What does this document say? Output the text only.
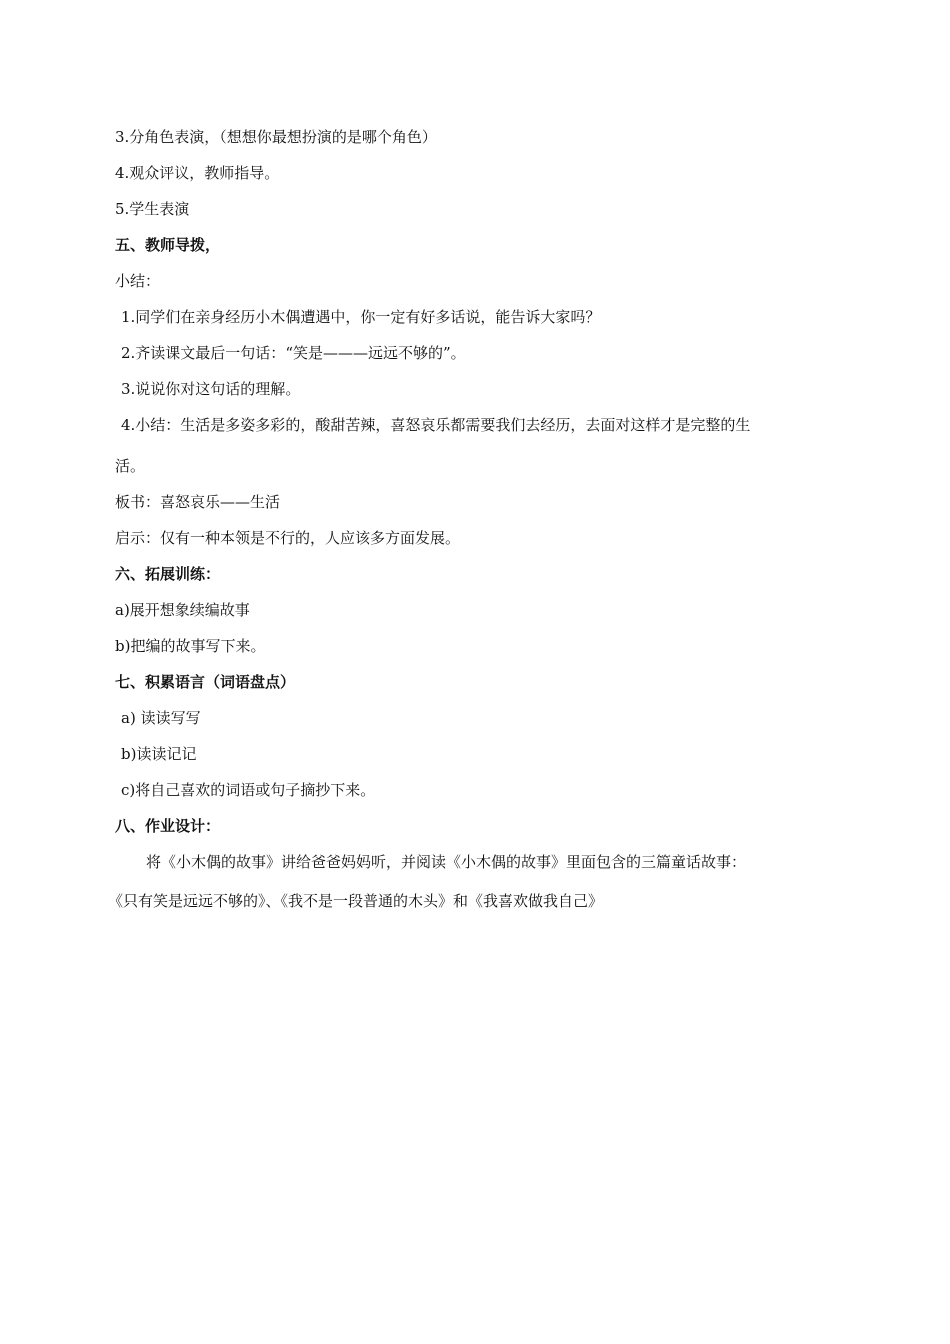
3.分角色表演，（想想你最想扮演的是哪个角色）
4.观众评议，教师指导。
5.学生表演
五、教师导拨，
小结：
1.同学们在亲身经历小木偶遭遇中，你一定有好多话说，能告诉大家吗？
2.齐读课文最后一句话：“笑是———远远不够的”。
3.说说你对这句话的理解。
4.小结：生活是多姿多彩的，酸甜苦辣，喜怒哀乐都需要我们去经历，去面对这样才是完整的生
活。
板书：喜怒哀乐——生活
启示：仅有一种本领是不行的，人应该多方面发展。
六、拓展训练：
a)展开想象续编故事
b)把编的故事写下来。
七、积累语言（词语盘点）
a) 读读写写
b)读读记记
c)将自己喜欢的词语或句子摘抄下来。
八、作业设计：
将《小木偶的故事》讲给爸爸妈妈听，并阅读《小木偶的故事》里面包含的三篇童话故事：
《只有笑是远远不够的》、《我不是一段普通的木头》和《我喜欢做我自己》
